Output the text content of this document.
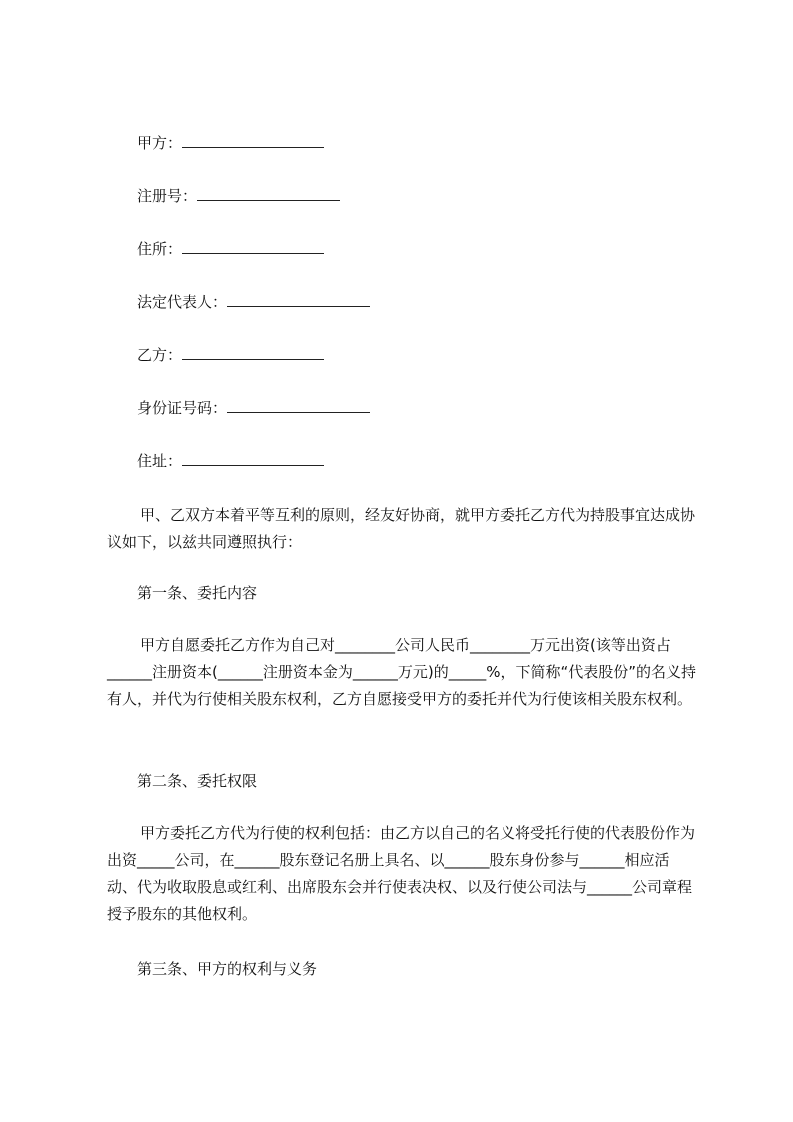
甲方：
注册号：
住所：
法定代表人：
乙方：
身份证号码：
住址：

甲、乙双方本着平等互利的原则，经友好协商，就甲方委托乙方代为持股事宜达成协议如下，以兹共同遵照执行：

第一条、委托内容

甲方自愿委托乙方作为自己对________公司人民币________万元出资(该等出资占______注册资本(______注册资本金为______万元)的_____%，下简称“代表股份”的名义持有人，并代为行使相关股东权利，乙方自愿接受甲方的委托并代为行使该相关股东权利。

第二条、委托权限

甲方委托乙方代为行使的权利包括：由乙方以自己的名义将受托行使的代表股份作为出资_____公司，在______股东登记名册上具名、以______股东身份参与______相应活动、代为收取股息或红利、出席股东会并行使表决权、以及行使公司法与______公司章程授予股东的其他权利。

第三条、甲方的权利与义务
